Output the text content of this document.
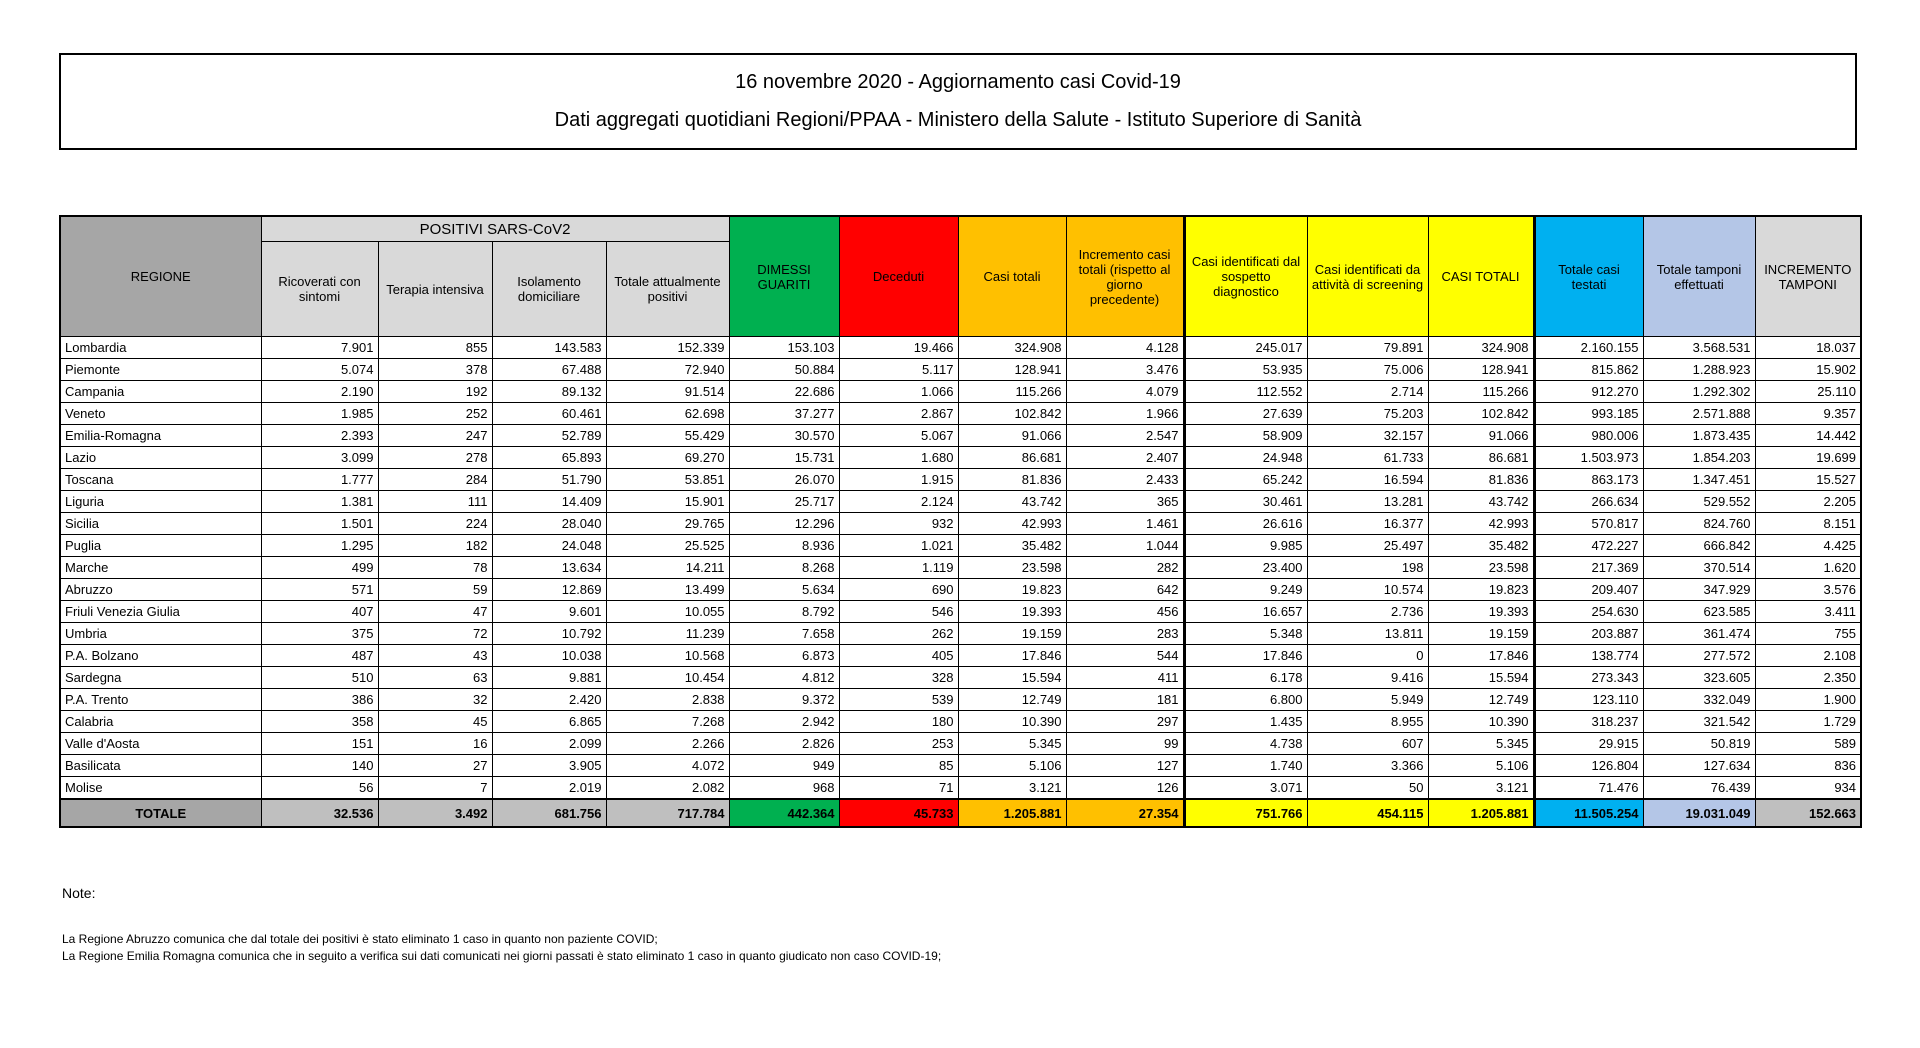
16 novembre 2020 - Aggiornamento casi Covid-19
Dati aggregati quotidiani Regioni/PPAA - Ministero della Salute - Istituto Superiore di Sanità
REGIONE	POSITIVI SARS-CoV2				DIMESSI GUARITI	Deceduti	Casi totali	Incremento casi totali (rispetto al giorno precedente)	Casi identificati dal sospetto diagnostico	Casi identificati da attività di screening	CASI TOTALI	Totale casi testati	Totale tamponi effettuati	INCREMENTO TAMPONI
	Ricoverati con sintomi	Terapia intensiva	Isolamento domiciliare	Totale attualmente positivi										
Lombardia	7.901	855	143.583	152.339	153.103	19.466	324.908	4.128	245.017	79.891	324.908	2.160.155	3.568.531	18.037
Piemonte	5.074	378	67.488	72.940	50.884	5.117	128.941	3.476	53.935	75.006	128.941	815.862	1.288.923	15.902
Campania	2.190	192	89.132	91.514	22.686	1.066	115.266	4.079	112.552	2.714	115.266	912.270	1.292.302	25.110
Veneto	1.985	252	60.461	62.698	37.277	2.867	102.842	1.966	27.639	75.203	102.842	993.185	2.571.888	9.357
Emilia-Romagna	2.393	247	52.789	55.429	30.570	5.067	91.066	2.547	58.909	32.157	91.066	980.006	1.873.435	14.442
Lazio	3.099	278	65.893	69.270	15.731	1.680	86.681	2.407	24.948	61.733	86.681	1.503.973	1.854.203	19.699
Toscana	1.777	284	51.790	53.851	26.070	1.915	81.836	2.433	65.242	16.594	81.836	863.173	1.347.451	15.527
Liguria	1.381	111	14.409	15.901	25.717	2.124	43.742	365	30.461	13.281	43.742	266.634	529.552	2.205
Sicilia	1.501	224	28.040	29.765	12.296	932	42.993	1.461	26.616	16.377	42.993	570.817	824.760	8.151
Puglia	1.295	182	24.048	25.525	8.936	1.021	35.482	1.044	9.985	25.497	35.482	472.227	666.842	4.425
Marche	499	78	13.634	14.211	8.268	1.119	23.598	282	23.400	198	23.598	217.369	370.514	1.620
Abruzzo	571	59	12.869	13.499	5.634	690	19.823	642	9.249	10.574	19.823	209.407	347.929	3.576
Friuli Venezia Giulia	407	47	9.601	10.055	8.792	546	19.393	456	16.657	2.736	19.393	254.630	623.585	3.411
Umbria	375	72	10.792	11.239	7.658	262	19.159	283	5.348	13.811	19.159	203.887	361.474	755
P.A. Bolzano	487	43	10.038	10.568	6.873	405	17.846	544	17.846	0	17.846	138.774	277.572	2.108
Sardegna	510	63	9.881	10.454	4.812	328	15.594	411	6.178	9.416	15.594	273.343	323.605	2.350
P.A. Trento	386	32	2.420	2.838	9.372	539	12.749	181	6.800	5.949	12.749	123.110	332.049	1.900
Calabria	358	45	6.865	7.268	2.942	180	10.390	297	1.435	8.955	10.390	318.237	321.542	1.729
Valle d'Aosta	151	16	2.099	2.266	2.826	253	5.345	99	4.738	607	5.345	29.915	50.819	589
Basilicata	140	27	3.905	4.072	949	85	5.106	127	1.740	3.366	5.106	126.804	127.634	836
Molise	56	7	2.019	2.082	968	71	3.121	126	3.071	50	3.121	71.476	76.439	934
TOTALE	32.536	3.492	681.756	717.784	442.364	45.733	1.205.881	27.354	751.766	454.115	1.205.881	11.505.254	19.031.049	152.663
Note:
La Regione Abruzzo comunica che dal totale dei positivi è stato eliminato 1 caso in quanto non paziente COVID;
La Regione Emilia Romagna comunica che in seguito a verifica sui dati comunicati nei giorni passati è stato eliminato 1 caso in quanto giudicato non caso COVID-19;
